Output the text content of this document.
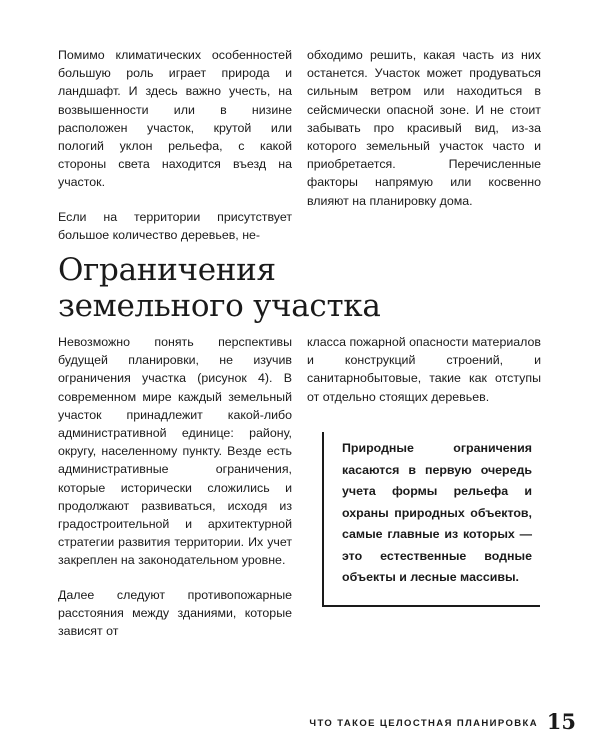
Помимо климатических особенностей большую роль играет природа и ландшафт. И здесь важно учесть, на возвышенности или в низине расположен участок, крутой или пологий уклон рельефа, с какой стороны света находится въезд на участок.

Если на территории присутствует большое количество деревьев, не-

обходимо решить, какая часть из них останется. Участок может продуваться сильным ветром или находиться в сейсмически опасной зоне. И не стоит забывать про красивый вид, из-за которого земельный участок часто и приобретается. Перечисленные факторы напрямую или косвенно влияют на планировку дома.

Ограничения
земельного участка

Невозможно понять перспективы будущей планировки, не изучив ограничения участка (рисунок 4). В современном мире каждый земельный участок принадлежит какой-либо административной единице: району, округу, населенному пункту. Везде есть административные ограничения, которые исторически сложились и продолжают развиваться, исходя из градостроительной и архитектурной стратегии развития территории. Их учет закреплен на законодательном уровне.

Далее следуют противопожарные расстояния между зданиями, которые зависят от

класса пожарной опасности материалов и конструкций строений, и санитарнобытовые, такие как отступы от отдельно стоящих деревьев.

Природные ограничения касаются в первую очередь учета формы рельефа и охраны природных объектов, самые главные из которых — это естественные водные объекты и лесные массивы.

ЧТО ТАКОЕ ЦЕЛОСТНАЯ ПЛАНИРОВКА 15
